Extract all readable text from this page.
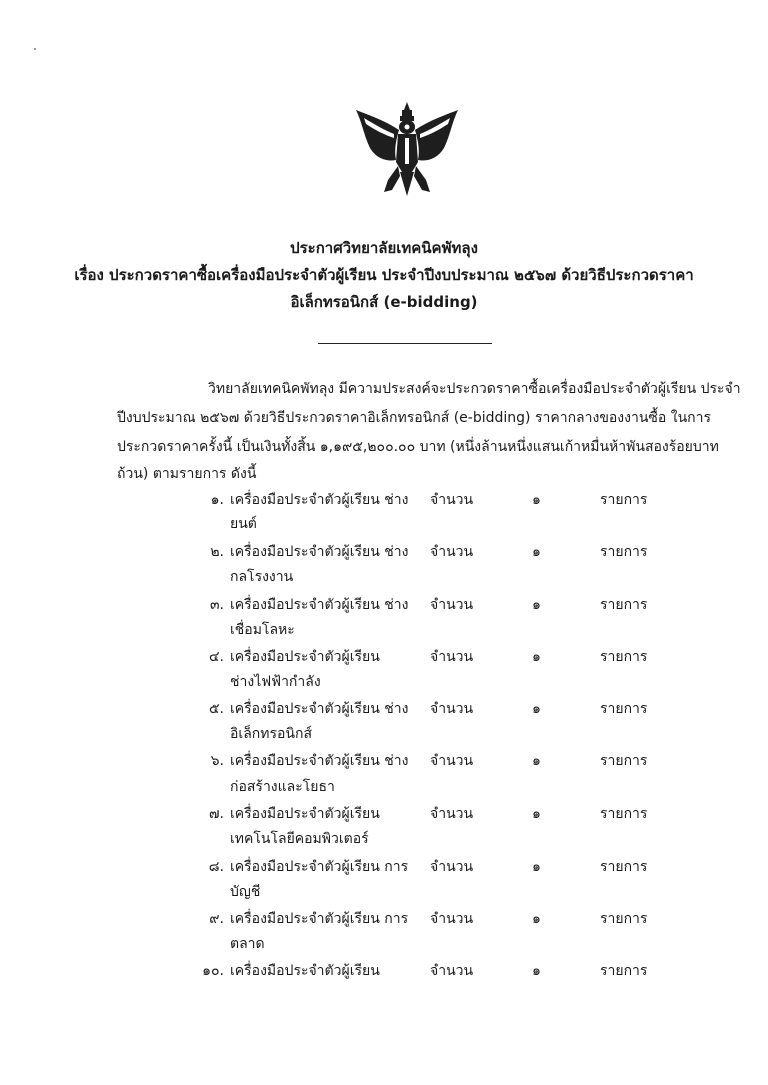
ประกาศวิทยาลัยเทคนิคพัทลุง
เรื่อง ประกวดราคาซื้อเครื่องมือประจำตัวผู้เรียน ประจำปีงบประมาณ ๒๕๖๗ ด้วยวิธีประกวดราคา
อิเล็กทรอนิกส์ (e-bidding)
วิทยาลัยเทคนิคพัทลุง มีความประสงค์จะประกวดราคาซื้อเครื่องมือประจำตัวผู้เรียน ประจำ
ปีงบประมาณ ๒๕๖๗ ด้วยวิธีประกวดราคาอิเล็กทรอนิกส์ (e-bidding) ราคากลางของงานซื้อ ในการ
ประกวดราคาครั้งนี้ เป็นเงินทั้งสิ้น ๑,๑๙๕,๒๐๐.๐๐ บาท (หนึ่งล้านหนึ่งแสนเก้าหมื่นห้าพันสองร้อยบาท
ถ้วน) ตามรายการ ดังนี้
๑. เครื่องมือประจำตัวผู้เรียน ช่าง
ยนต์
จำนวน	๑	รายการ
๒. เครื่องมือประจำตัวผู้เรียน ช่าง
กลโรงงาน
จำนวน	๑	รายการ
๓. เครื่องมือประจำตัวผู้เรียน ช่าง
เชื่อมโลหะ
จำนวน	๑	รายการ
๔. เครื่องมือประจำตัวผู้เรียน
ช่างไฟฟ้ากำลัง
จำนวน	๑	รายการ
๕. เครื่องมือประจำตัวผู้เรียน ช่าง
อิเล็กทรอนิกส์
จำนวน	๑	รายการ
๖. เครื่องมือประจำตัวผู้เรียน ช่าง
ก่อสร้างและโยธา
จำนวน	๑	รายการ
๗. เครื่องมือประจำตัวผู้เรียน
เทคโนโลยีคอมพิวเตอร์
จำนวน	๑	รายการ
๘. เครื่องมือประจำตัวผู้เรียน การ
บัญชี
จำนวน	๑	รายการ
๙. เครื่องมือประจำตัวผู้เรียน การ
ตลาด
จำนวน	๑	รายการ
๑๐. เครื่องมือประจำตัวผู้เรียน	จำนวน	๑	รายการ
